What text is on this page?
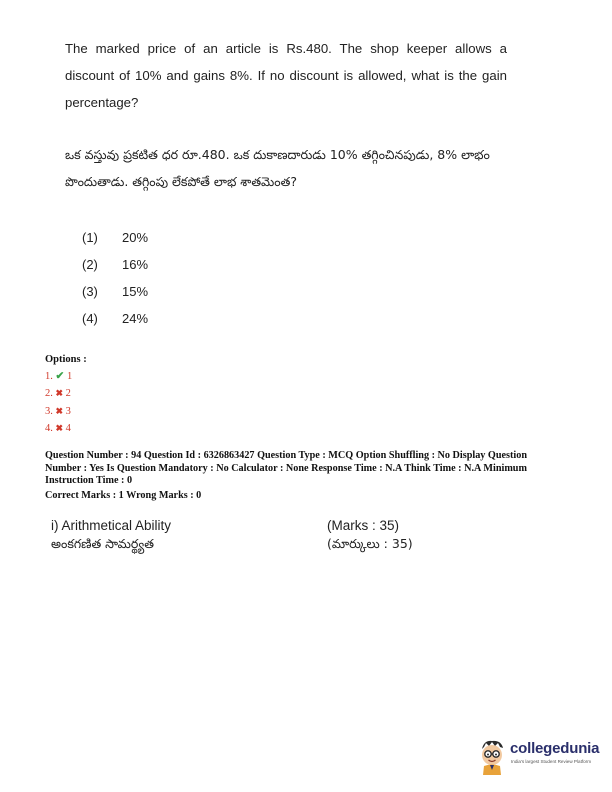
The marked price of an article is Rs.480. The shop keeper allows a discount of 10% and gains 8%. If no discount is allowed, what is the gain percentage?
ఒక వస్తువు ప్రకటిత ధర రూ.480. ఒక దుకాణదారుడు 10% తగ్గించినపుడు, 8% లాభం పొందుతాడు. తగ్గింపు లేకపోతే లాభ శాతమెంత?
(1)	20%
(2)	16%
(3)	15%
(4)	24%
Options :
1. ✔ 1
2. ✖ 2
3. ✖ 3
4. ✖ 4
Question Number : 94 Question Id : 6326863427 Question Type : MCQ Option Shuffling : No Display Question Number : Yes Is Question Mandatory : No Calculator : None Response Time : N.A Think Time : N.A Minimum Instruction Time : 0
Correct Marks : 1 Wrong Marks : 0
i) Arithmetical Ability	(Marks : 35)
అంకగణిత సామర్థ్యత	(మార్కులు : 35)
collegedunia
India's largest Student Review Platform
